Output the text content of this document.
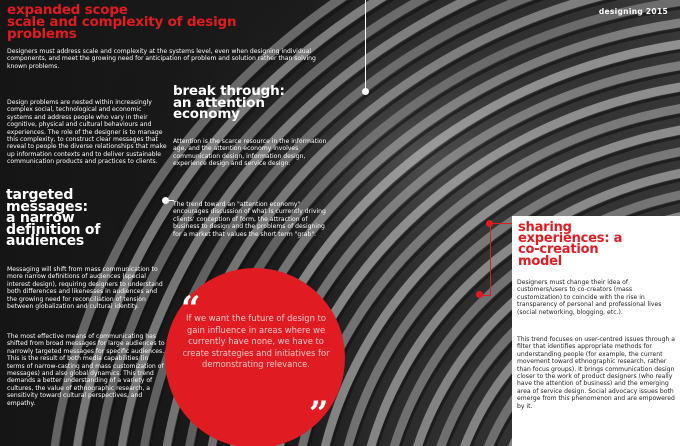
designing 2015
expanded scope
scale and complexity of design
problems
Designers must address scale and complexity at the systems level, even when designing individual components, and meet the growing need for anticipation of problem and solution rather than solving known problems.
Design problems are nested within increasingly complex social, technological and economic systems and address people who vary in their cognitive, physical and cultural behaviours and experiences. The role of the designer is to manage this complexity, to construct clear messages that reveal to people the diverse relationships that make up information contexts and to deliver sustainable communication products and practices to clients.
break through:
an attention
economy
Attention is the scarce resource in the information age, and the attention economy involves communication design, information design, experience design and service design.
The trend toward an "attention economy" encourages discussion of what is currently driving clients' conception of form, the attraction of business to design and the problems of designing for a market that values the short term "grab".
targeted
messages:
a narrow
definition of
audiences
Messaging will shift from mass communication to more narrow definitions of audiences (special interest design), requiring designers to understand both differences and likenesses in audiences and the growing need for reconciliation of tension between globalization and cultural identity.
The most effective means of communicating has shifted from broad messages for large audiences to narrowly targeted messages for specific audiences. This is the result of both media capabilities (in terms of narrow-casting and mass customization of messages) and also global dynamics. This trend demands a better understanding of a variety of cultures, the value of ethnographic research, a sensitivity toward cultural perspectives, and empathy.
sharing
experiences: a
co-creation
model
Designers must change their idea of customers/users to co-creators (mass customization) to coincide with the rise in transparency of personal and professional lives (social networking, blogging, etc.).
This trend focuses on user-centred issues through a filter that identifies appropriate methods for understanding people (for example, the current movement toward ethnographic research, rather than focus groups). It brings communication design closer to the work of product designers (who really have the attention of business) and the emerging area of service design. Social advocacy issues both emerge from this phenomenon and are empowered by it.
“
If we want the future of design to gain influence in areas where we currently have none, we have to create strategies and initiatives for demonstrating relevance.
”
